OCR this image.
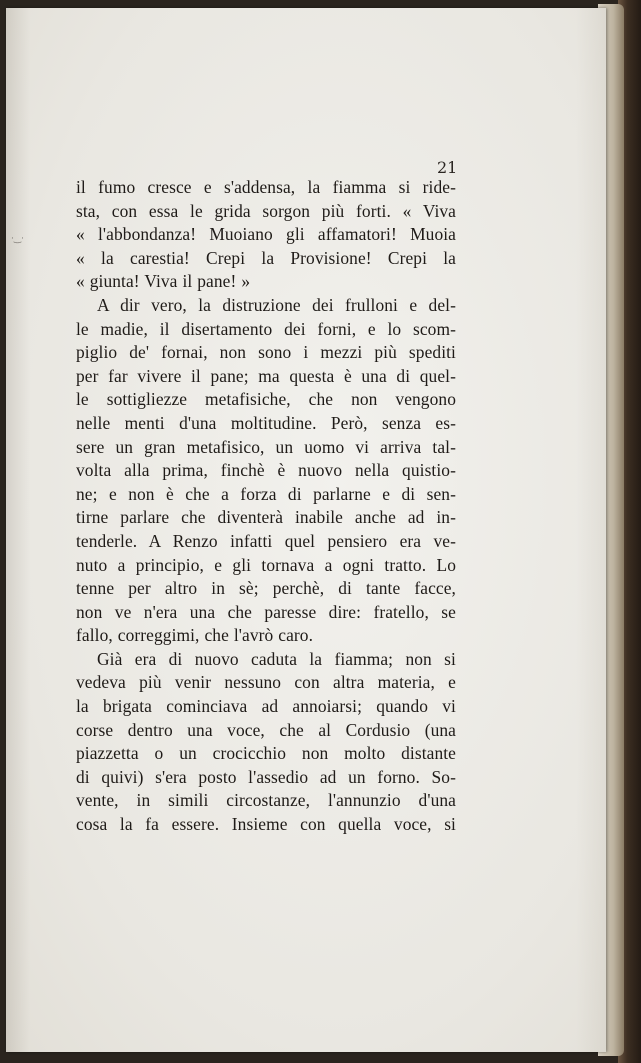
·‿·
21
il fumo cresce e s'addensa, la fiamma si ride-
sta, con essa le grida sorgon più forti. « Viva
« l'abbondanza! Muoiano gli affamatori! Muoia
« la carestia! Crepi la Provisione! Crepi la
« giunta! Viva il pane! »
A dir vero, la distruzione dei frulloni e del-
le madie, il disertamento dei forni, e lo scom-
piglio de' fornai, non sono i mezzi più spediti
per far vivere il pane; ma questa è una di quel-
le sottigliezze metafisiche, che non vengono
nelle menti d'una moltitudine. Però, senza es-
sere un gran metafisico, un uomo vi arriva tal-
volta alla prima, finchè è nuovo nella quistio-
ne; e non è che a forza di parlarne e di sen-
tirne parlare che diventerà inabile anche ad in-
tenderle. A Renzo infatti quel pensiero era ve-
nuto a principio, e gli tornava a ogni tratto. Lo
tenne per altro in sè; perchè, di tante facce,
non ve n'era una che paresse dire: fratello, se
fallo, correggimi, che l'avrò caro.
Già era di nuovo caduta la fiamma; non si
vedeva più venir nessuno con altra materia, e
la brigata cominciava ad annoiarsi; quando vi
corse dentro una voce, che al Cordusio (una
piazzetta o un crocicchio non molto distante
di quivi) s'era posto l'assedio ad un forno. So-
vente, in simili circostanze, l'annunzio d'una
cosa la fa essere. Insieme con quella voce, si
